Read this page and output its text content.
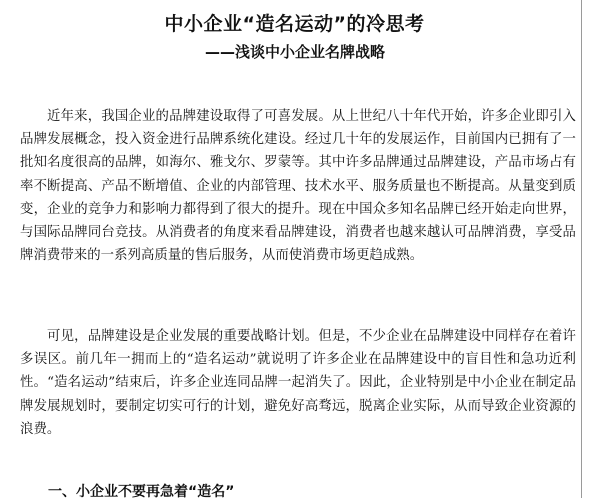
中小企业“造名运动”的冷思考
——浅谈中小企业名牌战略

近年来，我国企业的品牌建设取得了可喜发展。从上世纪八十年代开始，许多企业即引入品牌发展概念，投入资金进行品牌系统化建设。经过几十年的发展运作，目前国内已拥有了一批知名度很高的品牌，如海尔、雅戈尔、罗蒙等。其中许多品牌通过品牌建设，产品市场占有率不断提高、产品不断增值、企业的内部管理、技术水平、服务质量也不断提高。从量变到质变，企业的竞争力和影响力都得到了很大的提升。现在中国众多知名品牌已经开始走向世界，与国际品牌同台竞技。从消费者的角度来看品牌建设，消费者也越来越认可品牌消费，享受品牌消费带来的一系列高质量的售后服务，从而使消费市场更趋成熟。

可见，品牌建设是企业发展的重要战略计划。但是，不少企业在品牌建设中同样存在着许多误区。前几年一拥而上的“造名运动”就说明了许多企业在品牌建设中的盲目性和急功近利性。“造名运动”结束后，许多企业连同品牌一起消失了。因此，企业特别是中小企业在制定品牌发展规划时，要制定切实可行的计划，避免好高骛远，脱离企业实际，从而导致企业资源的浪费。

一、小企业不要再急着“造名”
